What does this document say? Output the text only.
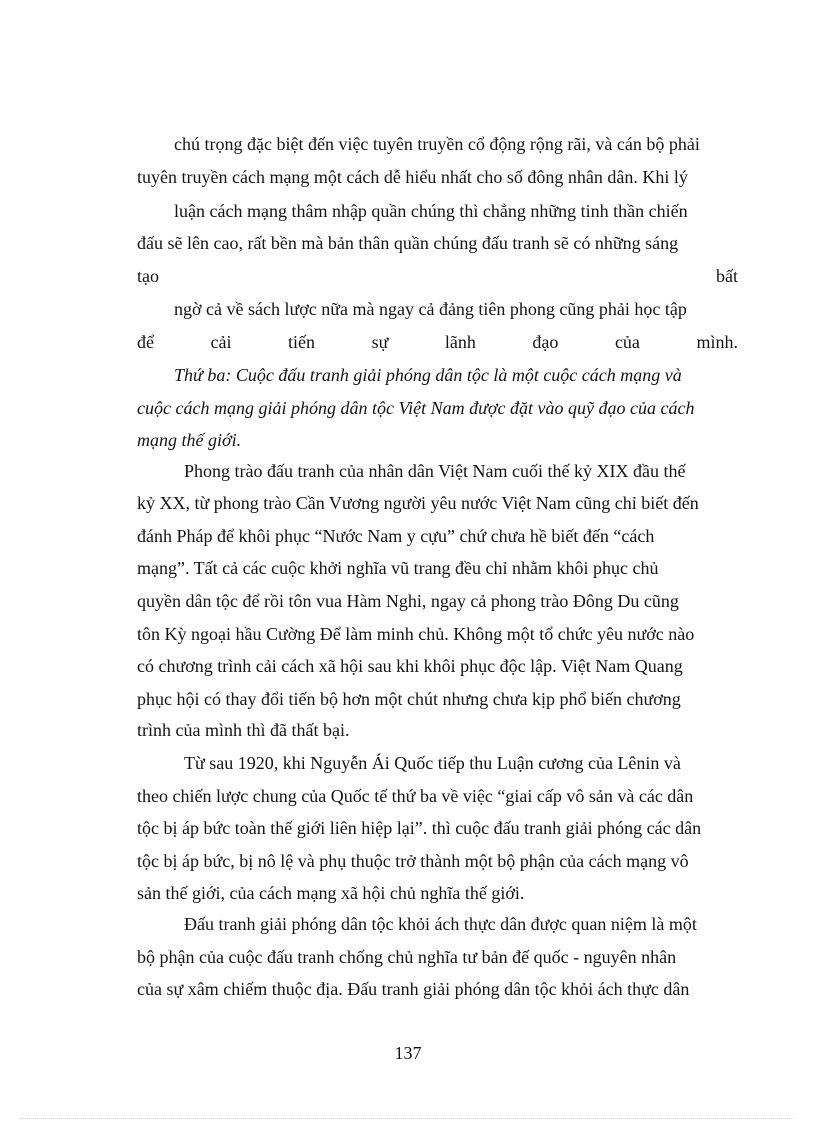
chú trọng đặc biệt đến việc tuyên truyền cổ động rộng rãi, và cán bộ phải

tuyên truyền cách mạng một cách dễ hiểu nhất cho số đông nhân dân. Khi lý

luận cách mạng thâm nhập quần chúng thì chẳng những tinh thần chiến

đấu sẽ lên cao, rất bền mà bản thân quần chúng đấu tranh sẽ có những sáng

tạo	bất

ngờ cả về sách lược nữa mà ngay cả đảng tiên phong cũng phải học tập

để	cải	tiến	sự	lãnh	đạo	của	mình.

Thứ ba: Cuộc đấu tranh giải phóng dân tộc là một cuộc cách mạng và

cuộc cách mạng giải phóng dân tộc Việt Nam được đặt vào quỹ đạo của cách

mạng thế giới.

Phong trào đấu tranh của nhân dân Việt Nam cuối thế kỷ XIX đầu thế

kỷ XX, từ phong trào Cần Vương người yêu nước Việt Nam cũng chỉ biết đến

đánh Pháp để khôi phục “Nước Nam y cựu” chứ chưa hề biết đến “cách

mạng”. Tất cả các cuộc khởi nghĩa vũ trang đều chỉ nhằm khôi phục chủ

quyền dân tộc để rồi tôn vua Hàm Nghi, ngay cả phong trào Đông Du cũng

tôn Kỳ ngoại hầu Cường Để làm minh chủ. Không một tổ chức yêu nước nào

có chương trình cải cách xã hội sau khi khôi phục độc lập. Việt Nam Quang

phục hội có thay đổi tiến bộ hơn một chút nhưng chưa kịp phổ biến chương

trình của mình thì đã thất bại.

Từ sau 1920, khi Nguyễn Ái Quốc tiếp thu Luận cương của Lênin và

theo chiến lược chung của Quốc tế thứ ba về việc “giai cấp vô sản và các dân

tộc bị áp bức toàn thế giới liên hiệp lại”. thì cuộc đấu tranh giải phóng các dân

tộc bị áp bức, bị nô lệ và phụ thuộc trở thành một bộ phận của cách mạng vô

sản thế giới, của cách mạng xã hội chủ nghĩa thế giới.

Đấu tranh giải phóng dân tộc khỏi ách thực dân được quan niệm là một

bộ phận của cuộc đấu tranh chống chủ nghĩa tư bản đế quốc - nguyên nhân

của sự xâm chiếm thuộc địa. Đấu tranh giải phóng dân tộc khỏi ách thực dân

137
